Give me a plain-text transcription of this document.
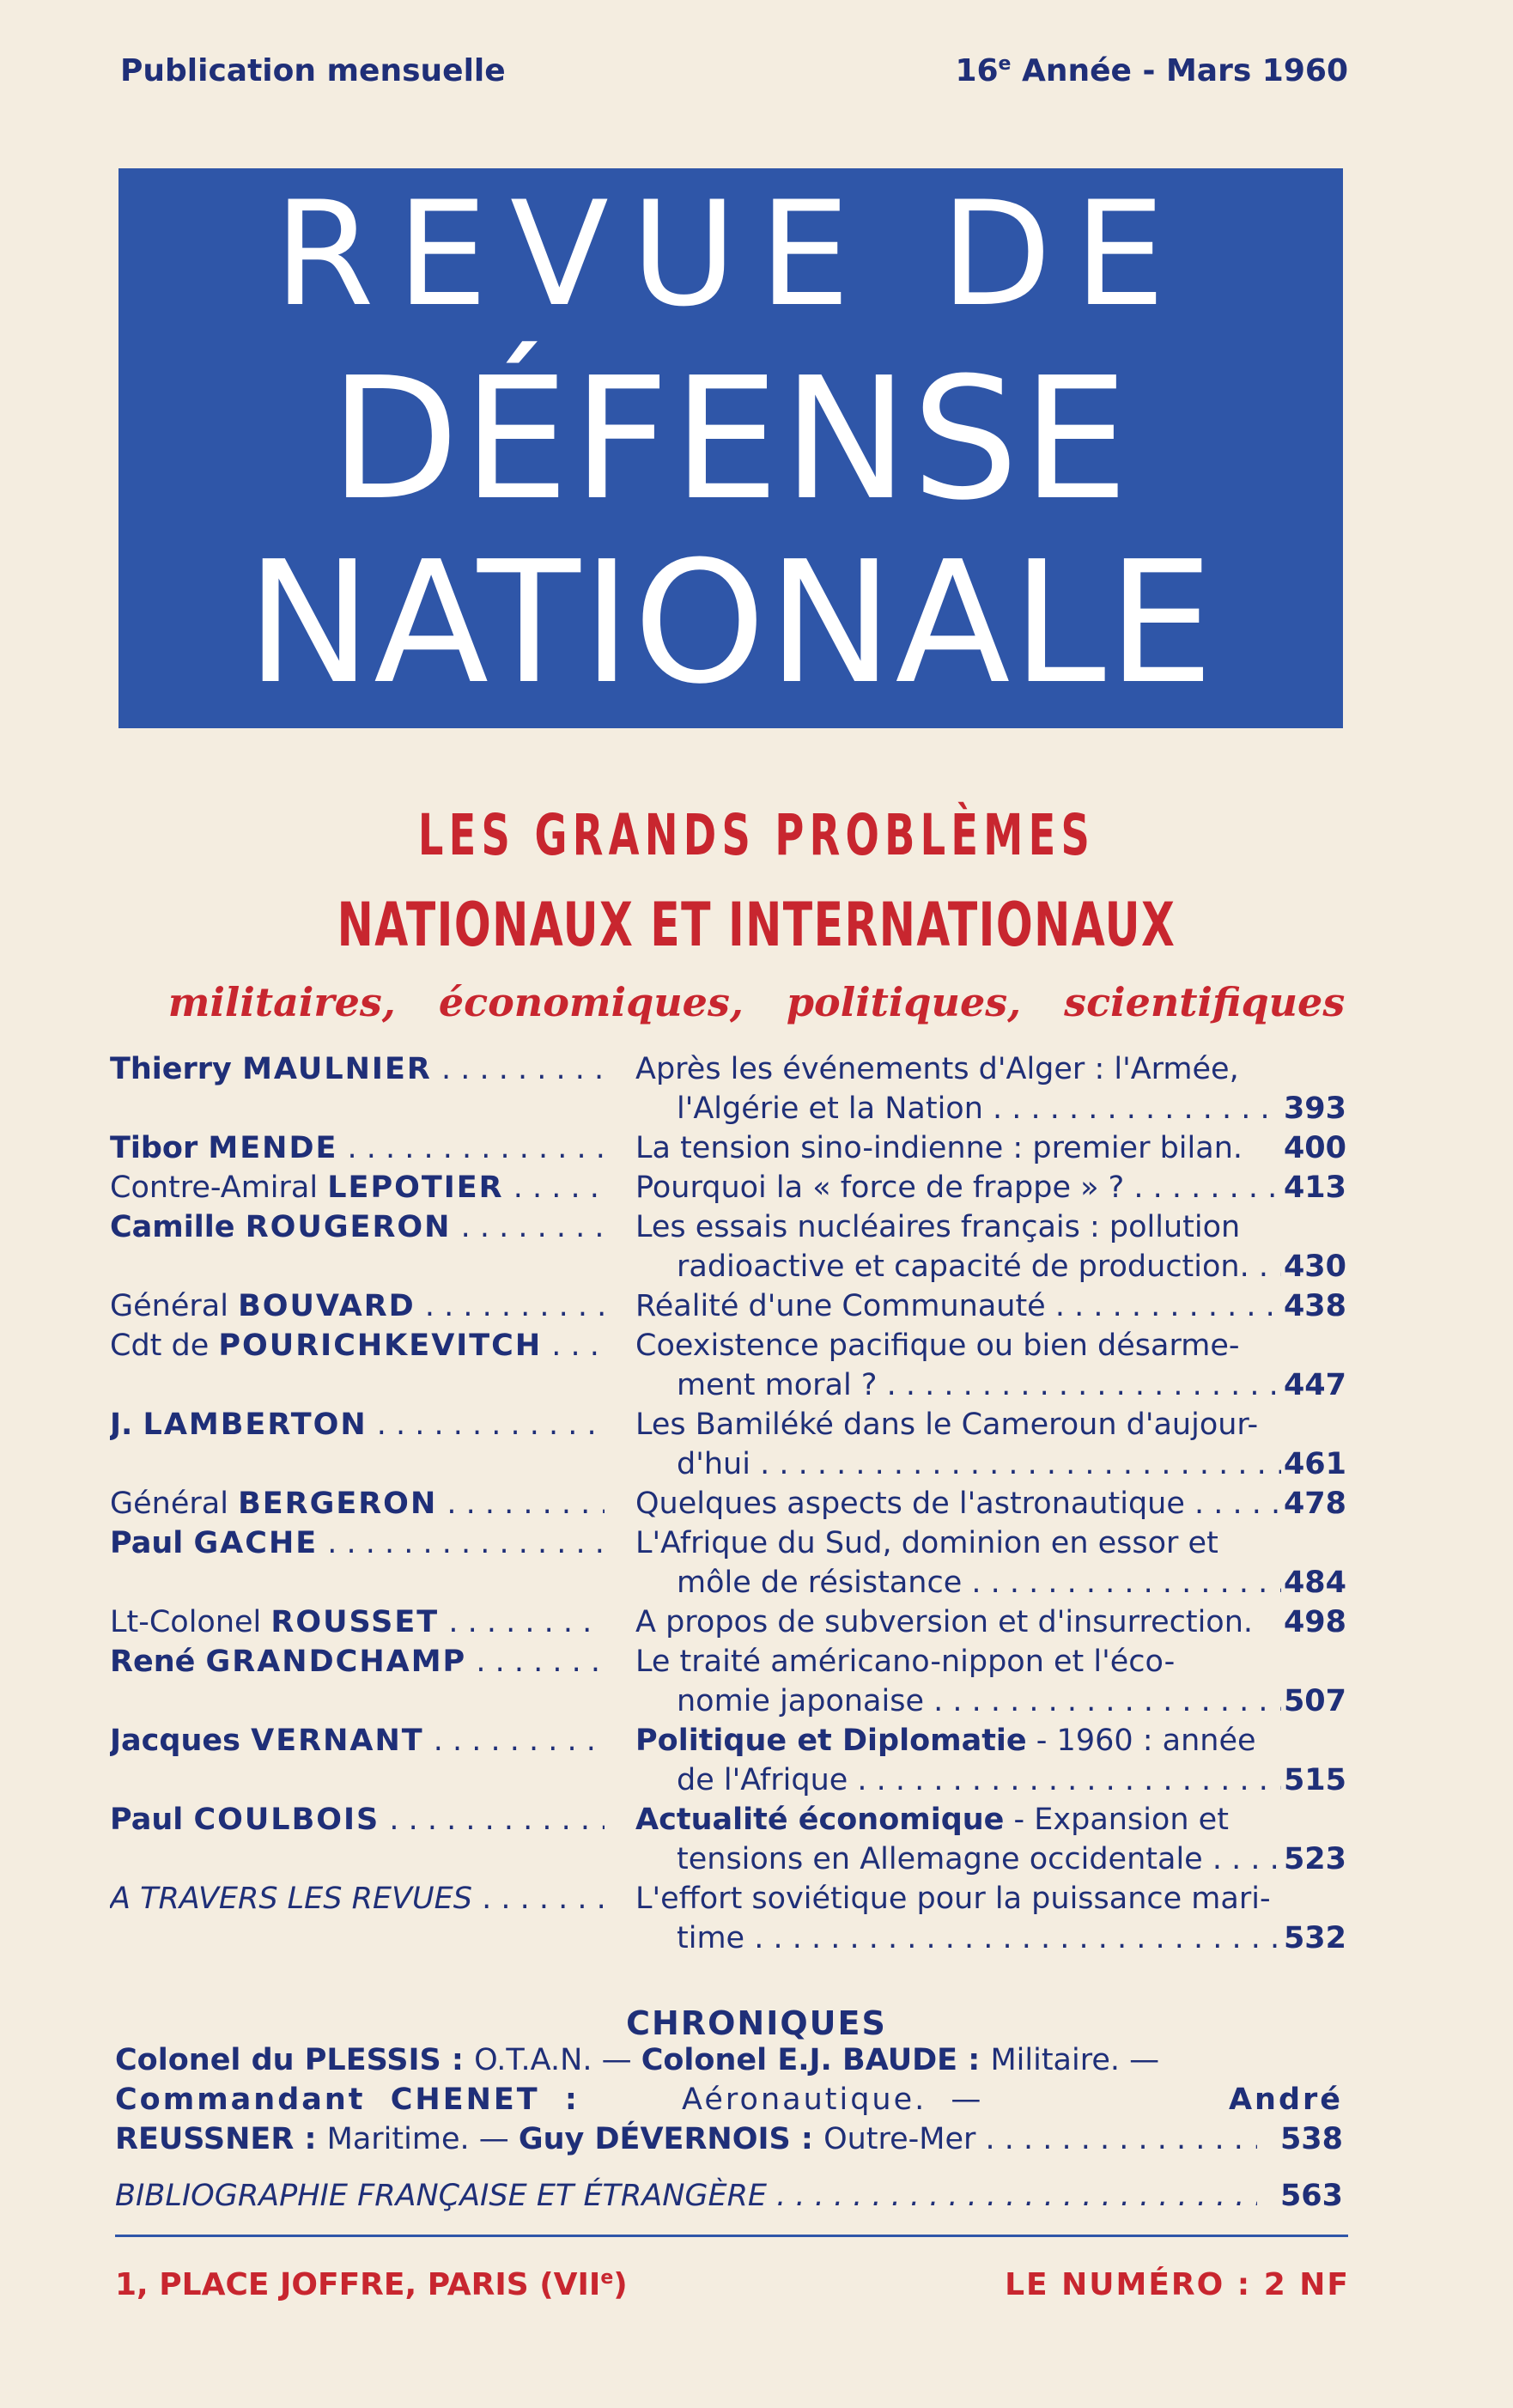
Publication mensuelle	16e Année - Mars 1960
REVUE DE
DÉFENSE
NATIONALE
LES GRANDS PROBLÈMES
NATIONAUX ET INTERNATIONAUX
militaires, économiques, politiques, scientifiques
Thierry MAULNIER . . .	Après les événements d'Alger : l'Armée,
l'Algérie et la Nation . . .	393
Tibor MENDE . . .	La tension sino-indienne : premier bilan.	400
Contre-Amiral LEPOTIER . . .	Pourquoi la « force de frappe » ? . . .	413
Camille ROUGERON . . .	Les essais nucléaires français : pollution
radioactive et capacité de production. . . .	430
Général BOUVARD . . .	Réalité d'une Communauté . . .	438
Cdt de POURICHKEVITCH . . .	Coexistence pacifique ou bien désarme-
ment moral ? . . .	447
J. LAMBERTON . . .	Les Bamiléké dans le Cameroun d'aujour-
d'hui . . .	461
Général BERGERON . . .	Quelques aspects de l'astronautique . . .	478
Paul GACHE . . .	L'Afrique du Sud, dominion en essor et
môle de résistance . . .	484
Lt-Colonel ROUSSET . . .	A propos de subversion et d'insurrection.	498
René GRANDCHAMP . . .	Le traité américano-nippon et l'éco-
nomie japonaise . . .	507
Jacques VERNANT . . .	Politique et Diplomatie - 1960 : année
de l'Afrique . . .	515
Paul COULBOIS . . .	Actualité économique - Expansion et
tensions en Allemagne occidentale . . .	523
A TRAVERS LES REVUES . . .	L'effort soviétique pour la puissance mari-
time . . .	532
CHRONIQUES
Colonel du PLESSIS : O.T.A.N. — Colonel E.J. BAUDE : Militaire. —
Commandant CHENET :	Aéronautique. —	André
REUSSNER : Maritime. — Guy DÉVERNOIS : Outre-Mer . . .	538
BIBLIOGRAPHIE FRANÇAISE ET ÉTRANGÈRE . . .	563
1, PLACE JOFFRE, PARIS (VIIe)	LE NUMÉRO : 2 NF
